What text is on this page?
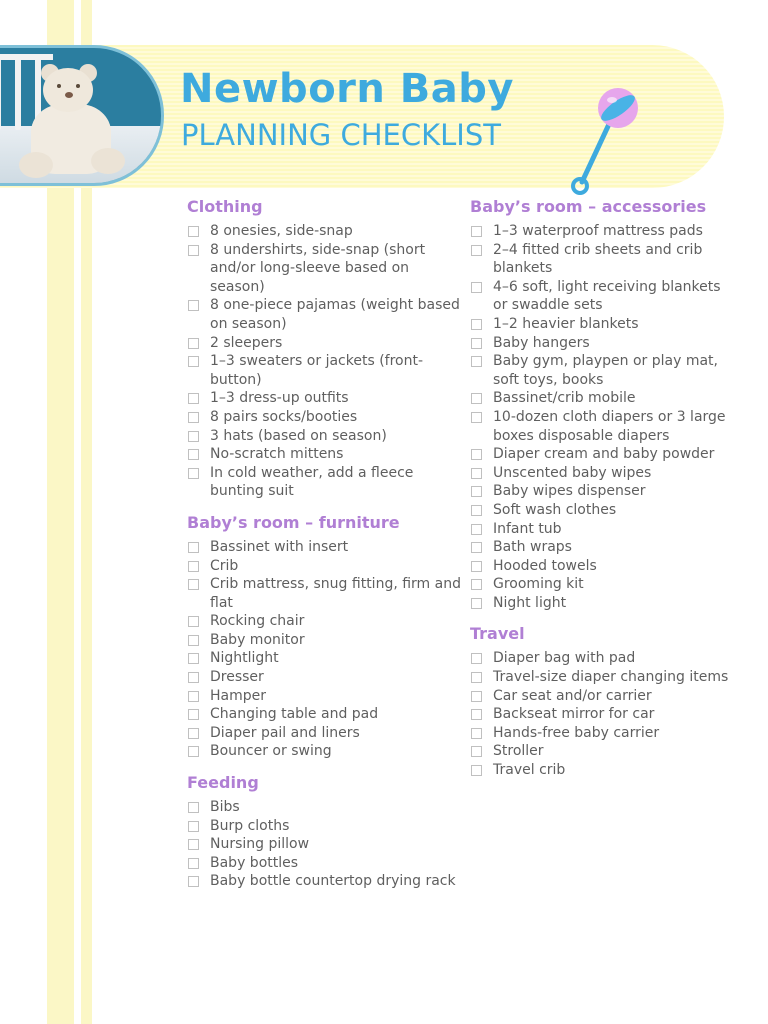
Newborn Baby
PLANNING CHECKLIST
Clothing
8 onesies, side-snap
8 undershirts, side-snap (short and/or long-sleeve based on season)
8 one-piece pajamas (weight based on season)
2 sleepers
1–3 sweaters or jackets (front-button)
1–3 dress-up outfits
8 pairs socks/booties
3 hats (based on season)
No-scratch mittens
In cold weather, add a fleece bunting suit
Baby’s room – furniture
Bassinet with insert
Crib
Crib mattress, snug fitting, firm and flat
Rocking chair
Baby monitor
Nightlight
Dresser
Hamper
Changing table and pad
Diaper pail and liners
Bouncer or swing
Feeding
Bibs
Burp cloths
Nursing pillow
Baby bottles
Baby bottle countertop drying rack
Baby’s room – accessories
1–3 waterproof mattress pads
2–4 fitted crib sheets and crib blankets
4–6 soft, light receiving blankets or swaddle sets
1–2 heavier blankets
Baby hangers
Baby gym, playpen or play mat, soft toys, books
Bassinet/crib mobile
10-dozen cloth diapers or 3 large boxes disposable diapers
Diaper cream and baby powder
Unscented baby wipes
Baby wipes dispenser
Soft wash clothes
Infant tub
Bath wraps
Hooded towels
Grooming kit
Night light
Travel
Diaper bag with pad
Travel-size diaper changing items
Car seat and/or carrier
Backseat mirror for car
Hands-free baby carrier
Stroller
Travel crib
